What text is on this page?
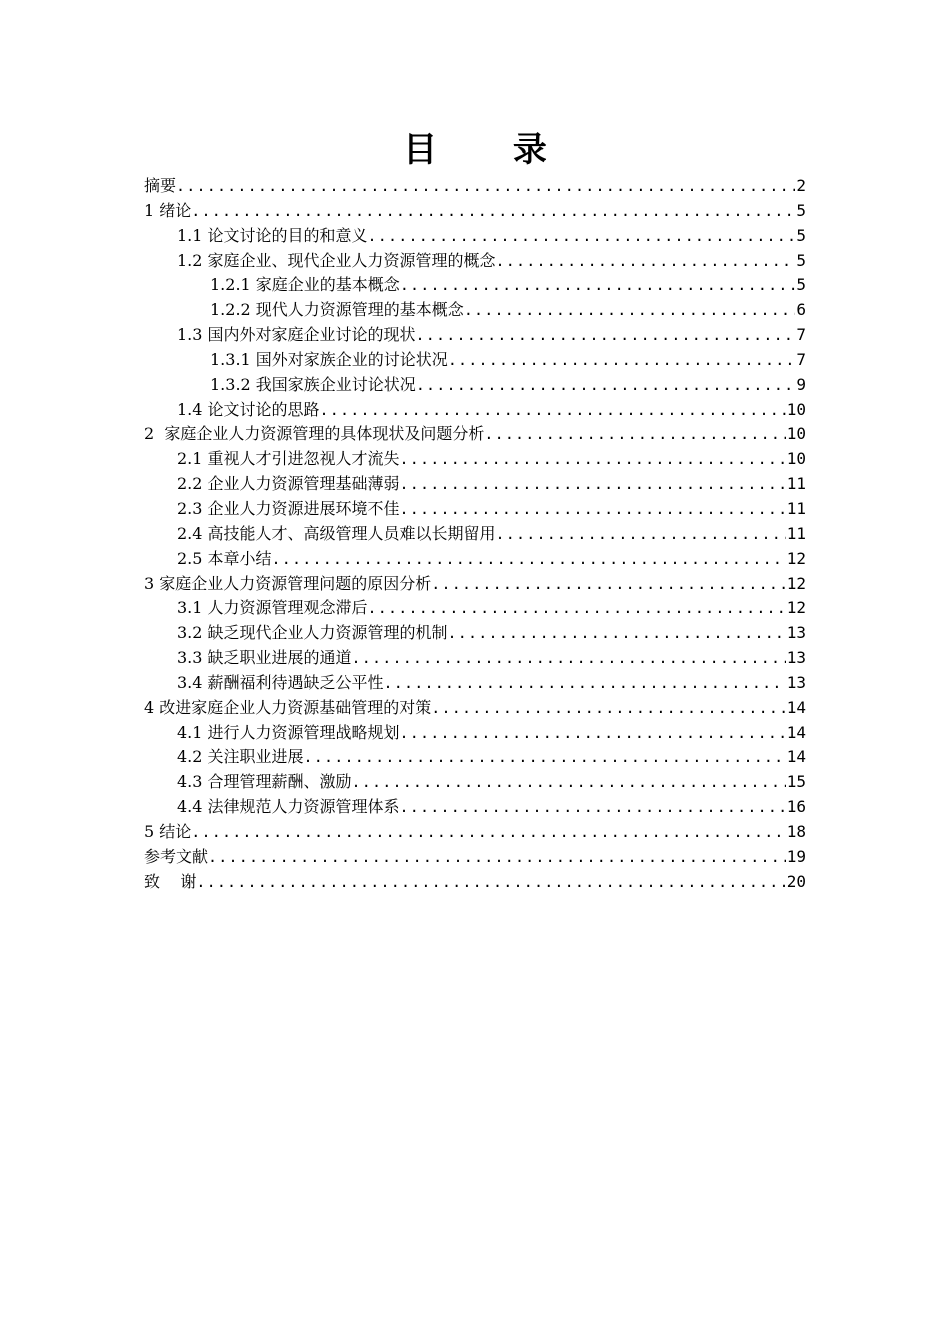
目 录
摘要 .....	2
1 绪论 .....	5
1.1 论文讨论的目的和意义 .....	5
1.2 家庭企业、现代企业人力资源管理的概念 .....	5
1.2.1 家庭企业的基本概念 .....	5
1.2.2 现代人力资源管理的基本概念 .....	6
1.3 国内外对家庭企业讨论的现状 .....	7
1.3.1 国外对家族企业的讨论状况 .....	7
1.3.2 我国家族企业讨论状况 .....	9
1.4 论文讨论的思路 .....	10
2  家庭企业人力资源管理的具体现状及问题分析 .....	10
2.1 重视人才引进忽视人才流失 .....	10
2.2 企业人力资源管理基础薄弱 .....	11
2.3 企业人力资源进展环境不佳 .....	11
2.4 高技能人才、高级管理人员难以长期留用 .....	11
2.5 本章小结 .....	12
3 家庭企业人力资源管理问题的原因分析 .....	12
3.1 人力资源管理观念滞后 .....	12
3.2 缺乏现代企业人力资源管理的机制 .....	13
3.3 缺乏职业进展的通道 .....	13
3.4 薪酬福利待遇缺乏公平性 .....	13
4 改进家庭企业人力资源基础管理的对策 .....	14
4.1 进行人力资源管理战略规划 .....	14
4.2 关注职业进展 .....	14
4.3 合理管理薪酬、激励 .....	15
4.4 法律规范人力资源管理体系 .....	16
5 结论 .....	18
参考文献 .....	19
致    谢 .....	20
